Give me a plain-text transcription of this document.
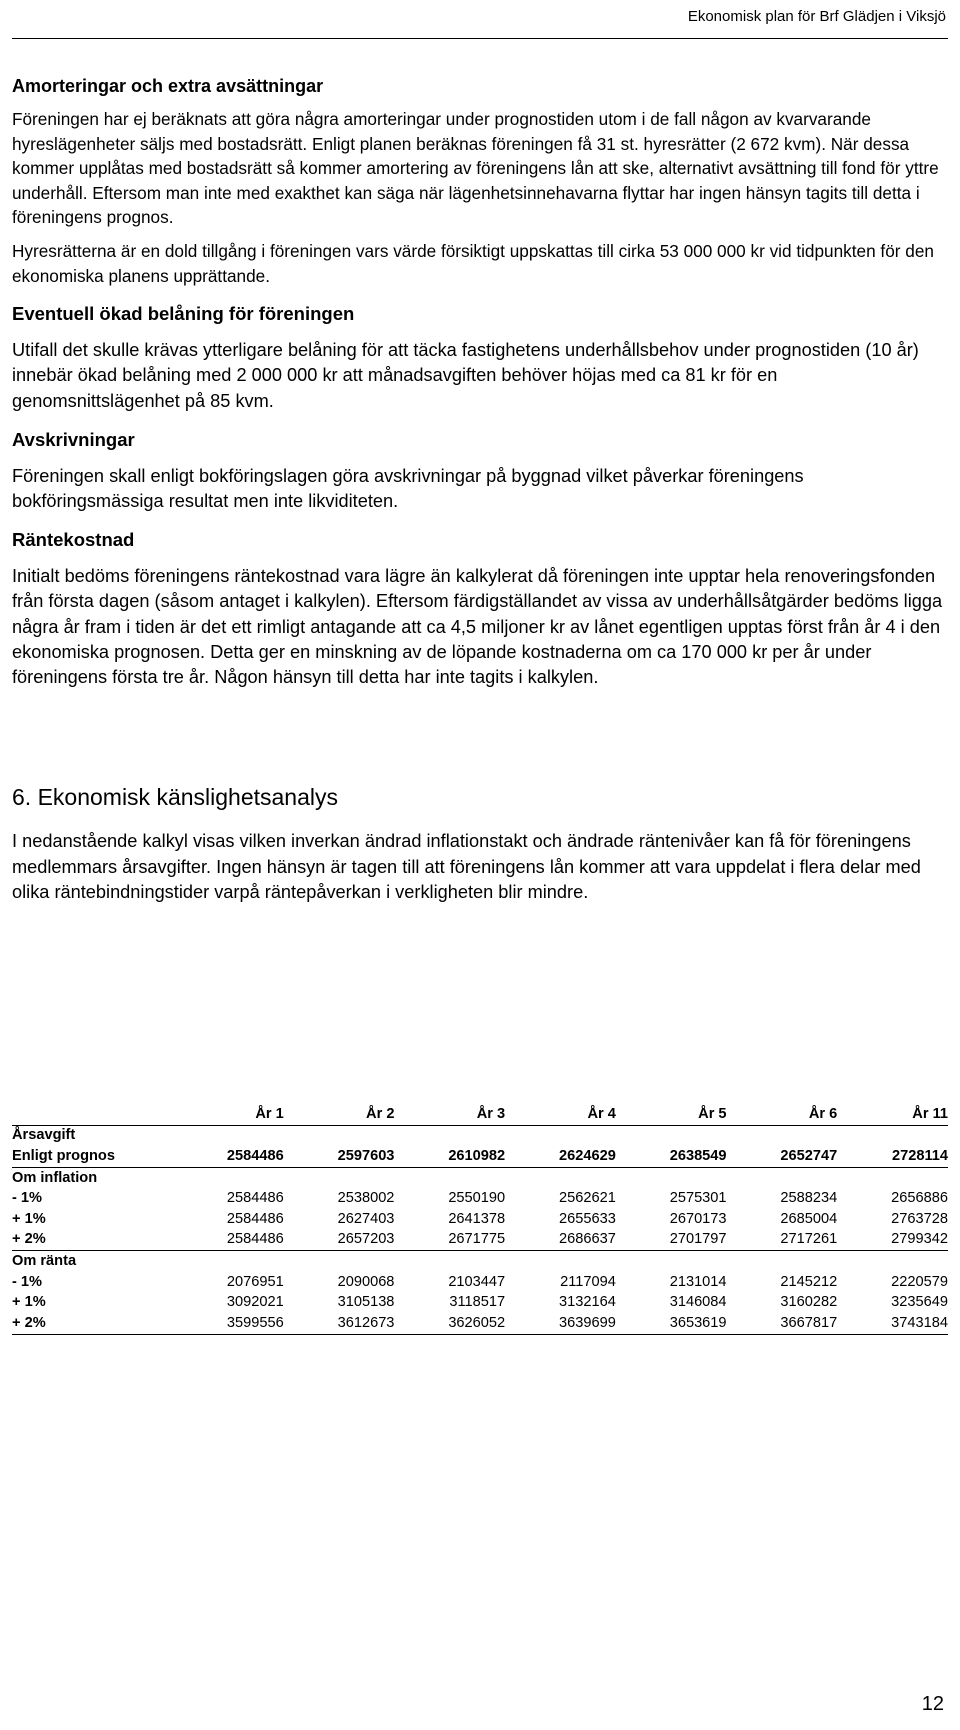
Ekonomisk plan för Brf Glädjen i Viksjö

Amorteringar och extra avsättningar

Föreningen har ej beräknats att göra några amorteringar under prognostiden utom i de fall någon av kvarvarande hyreslägenheter säljs med bostadsrätt. Enligt planen beräknas föreningen få 31 st. hyresrätter (2 672 kvm). När dessa kommer upplåtas med bostadsrätt så kommer amortering av föreningens lån att ske, alternativt avsättning till fond för yttre underhåll. Eftersom man inte med exakthet kan säga när lägenhetsinnehavarna flyttar har ingen hänsyn tagits till detta i föreningens prognos.

Hyresrätterna är en dold tillgång i föreningen vars värde försiktigt uppskattas till cirka 53 000 000 kr vid tidpunkten för den ekonomiska planens upprättande.

Eventuell ökad belåning för föreningen

Utifall det skulle krävas ytterligare belåning för att täcka fastighetens underhållsbehov under prognostiden (10 år) innebär ökad belåning med 2 000 000 kr att månadsavgiften behöver höjas med ca 81 kr för en genomsnittslägenhet på 85 kvm.

Avskrivningar

Föreningen skall enligt bokföringslagen göra avskrivningar på byggnad vilket påverkar föreningens bokföringsmässiga resultat men inte likviditeten.

Räntekostnad

Initialt bedöms föreningens räntekostnad vara lägre än kalkylerat då föreningen inte upptar hela renoveringsfonden från första dagen (såsom antaget i kalkylen). Eftersom färdigställandet av vissa av underhållsåtgärder bedöms ligga några år fram i tiden är det ett rimligt antagande att ca 4,5 miljoner kr av lånet egentligen upptas först från år 4 i den ekonomiska prognosen. Detta ger en minskning av de löpande kostnaderna om ca 170 000 kr per år under föreningens första tre år. Någon hänsyn till detta har inte tagits i kalkylen.

6. Ekonomisk känslighetsanalys

I nedanstående kalkyl visas vilken inverkan ändrad inflationstakt och ändrade räntenivåer kan få för föreningens medlemmars årsavgifter. Ingen hänsyn är tagen till att föreningens lån kommer att vara uppdelat i flera delar med olika räntebindningstider varpå räntepåverkan i verkligheten blir mindre.

	År 1	År 2	År 3	År 4	År 5	År 6	År 11
Årsavgift							
Enligt prognos	2584486	2597603	2610982	2624629	2638549	2652747	2728114
Om inflation							
- 1%	2584486	2538002	2550190	2562621	2575301	2588234	2656886
+ 1%	2584486	2627403	2641378	2655633	2670173	2685004	2763728
+ 2%	2584486	2657203	2671775	2686637	2701797	2717261	2799342
Om ränta							
- 1%	2076951	2090068	2103447	2117094	2131014	2145212	2220579
+ 1%	3092021	3105138	3118517	3132164	3146084	3160282	3235649
+ 2%	3599556	3612673	3626052	3639699	3653619	3667817	3743184
12
